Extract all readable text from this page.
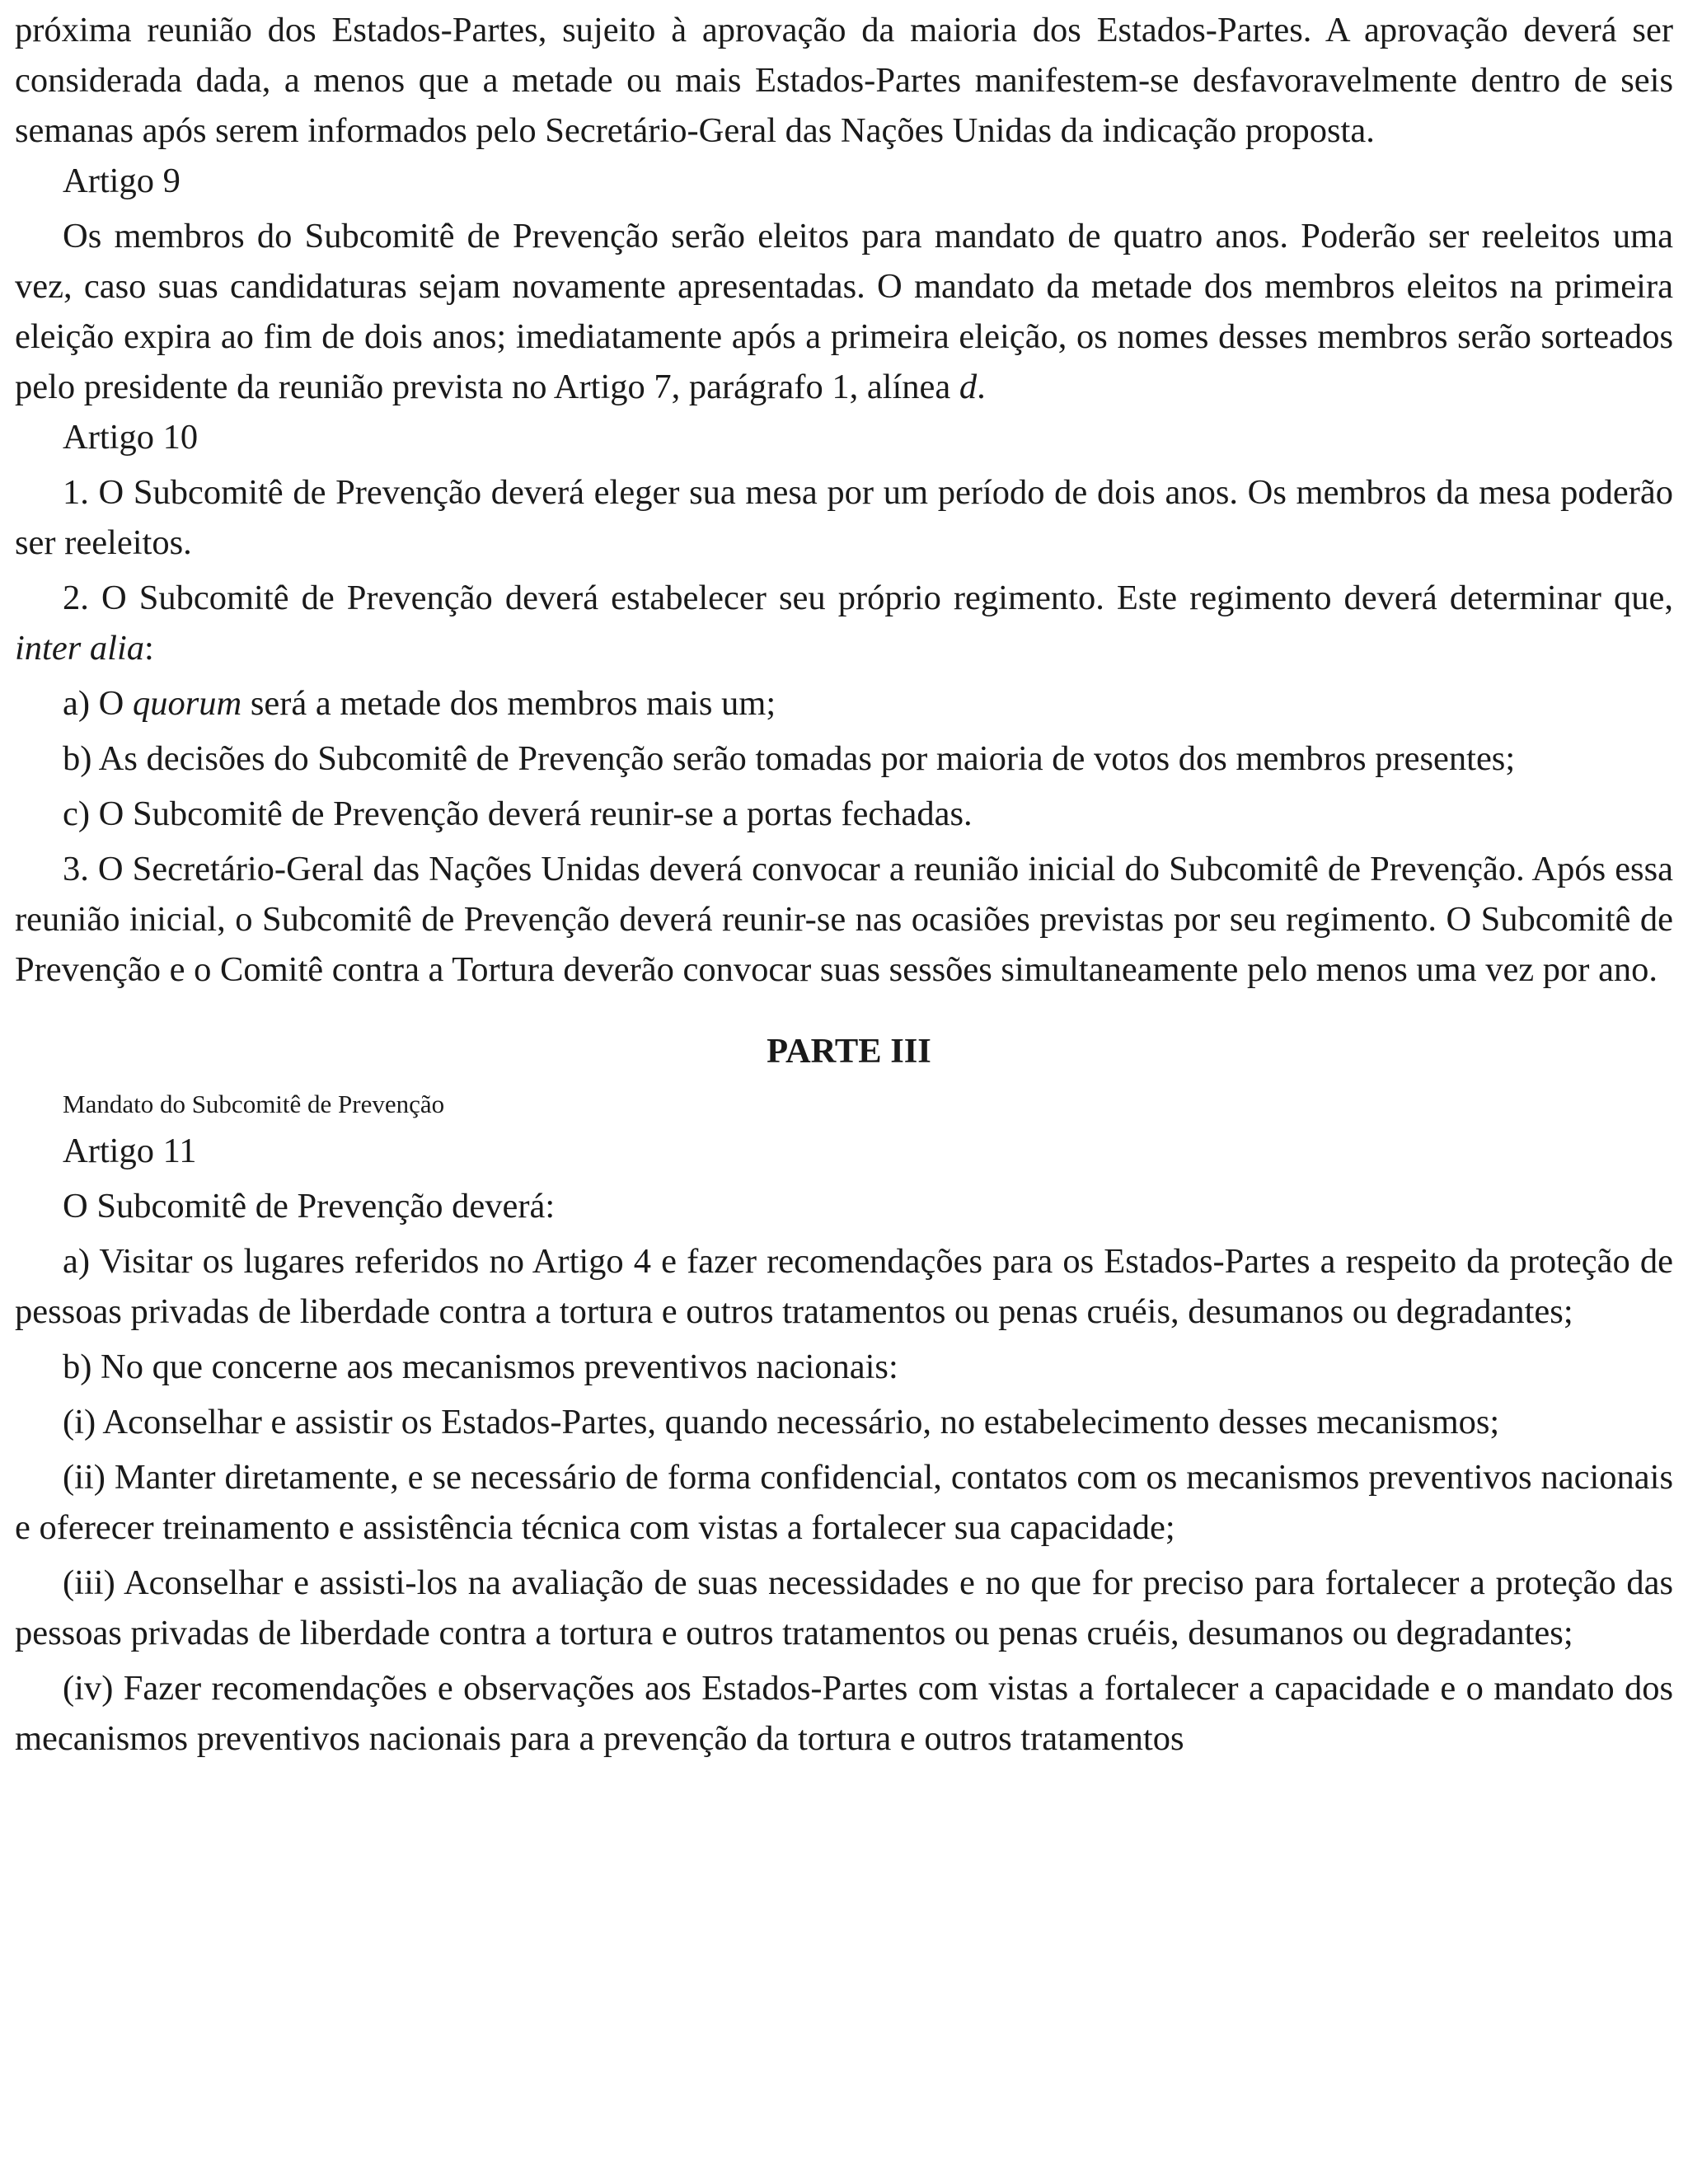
próxima reunião dos Estados-Partes, sujeito à aprovação da maioria dos Estados-Partes. A aprovação deverá ser considerada dada, a menos que a metade ou mais Estados-Partes manifestem-se desfavoravelmente dentro de seis semanas após serem informados pelo Secretário-Geral das Nações Unidas da indicação proposta.

Artigo 9

Os membros do Subcomitê de Prevenção serão eleitos para mandato de quatro anos. Poderão ser reeleitos uma vez, caso suas candidaturas sejam novamente apresentadas. O mandato da metade dos membros eleitos na primeira eleição expira ao fim de dois anos; imediatamente após a primeira eleição, os nomes desses membros serão sorteados pelo presidente da reunião prevista no Artigo 7, parágrafo 1, alínea d.

Artigo 10

1. O Subcomitê de Prevenção deverá eleger sua mesa por um período de dois anos. Os membros da mesa poderão ser reeleitos.

2. O Subcomitê de Prevenção deverá estabelecer seu próprio regimento. Este regimento deverá determinar que, inter alia:

a) O quorum será a metade dos membros mais um;

b) As decisões do Subcomitê de Prevenção serão tomadas por maioria de votos dos membros presentes;

c) O Subcomitê de Prevenção deverá reunir-se a portas fechadas.

3. O Secretário-Geral das Nações Unidas deverá convocar a reunião inicial do Subcomitê de Prevenção. Após essa reunião inicial, o Subcomitê de Prevenção deverá reunir-se nas ocasiões previstas por seu regimento. O Subcomitê de Prevenção e o Comitê contra a Tortura deverão convocar suas sessões simultaneamente pelo menos uma vez por ano.

PARTE III

Mandato do Subcomitê de Prevenção

Artigo 11

O Subcomitê de Prevenção deverá:

a) Visitar os lugares referidos no Artigo 4 e fazer recomendações para os Estados-Partes a respeito da proteção de pessoas privadas de liberdade contra a tortura e outros tratamentos ou penas cruéis, desumanos ou degradantes;

b) No que concerne aos mecanismos preventivos nacionais:

(i) Aconselhar e assistir os Estados-Partes, quando necessário, no estabelecimento desses mecanismos;

(ii) Manter diretamente, e se necessário de forma confidencial, contatos com os mecanismos preventivos nacionais e oferecer treinamento e assistência técnica com vistas a fortalecer sua capacidade;

(iii) Aconselhar e assisti-los na avaliação de suas necessidades e no que for preciso para fortalecer a proteção das pessoas privadas de liberdade contra a tortura e outros tratamentos ou penas cruéis, desumanos ou degradantes;

(iv) Fazer recomendações e observações aos Estados-Partes com vistas a fortalecer a capacidade e o mandato dos mecanismos preventivos nacionais para a prevenção da tortura e outros tratamentos
